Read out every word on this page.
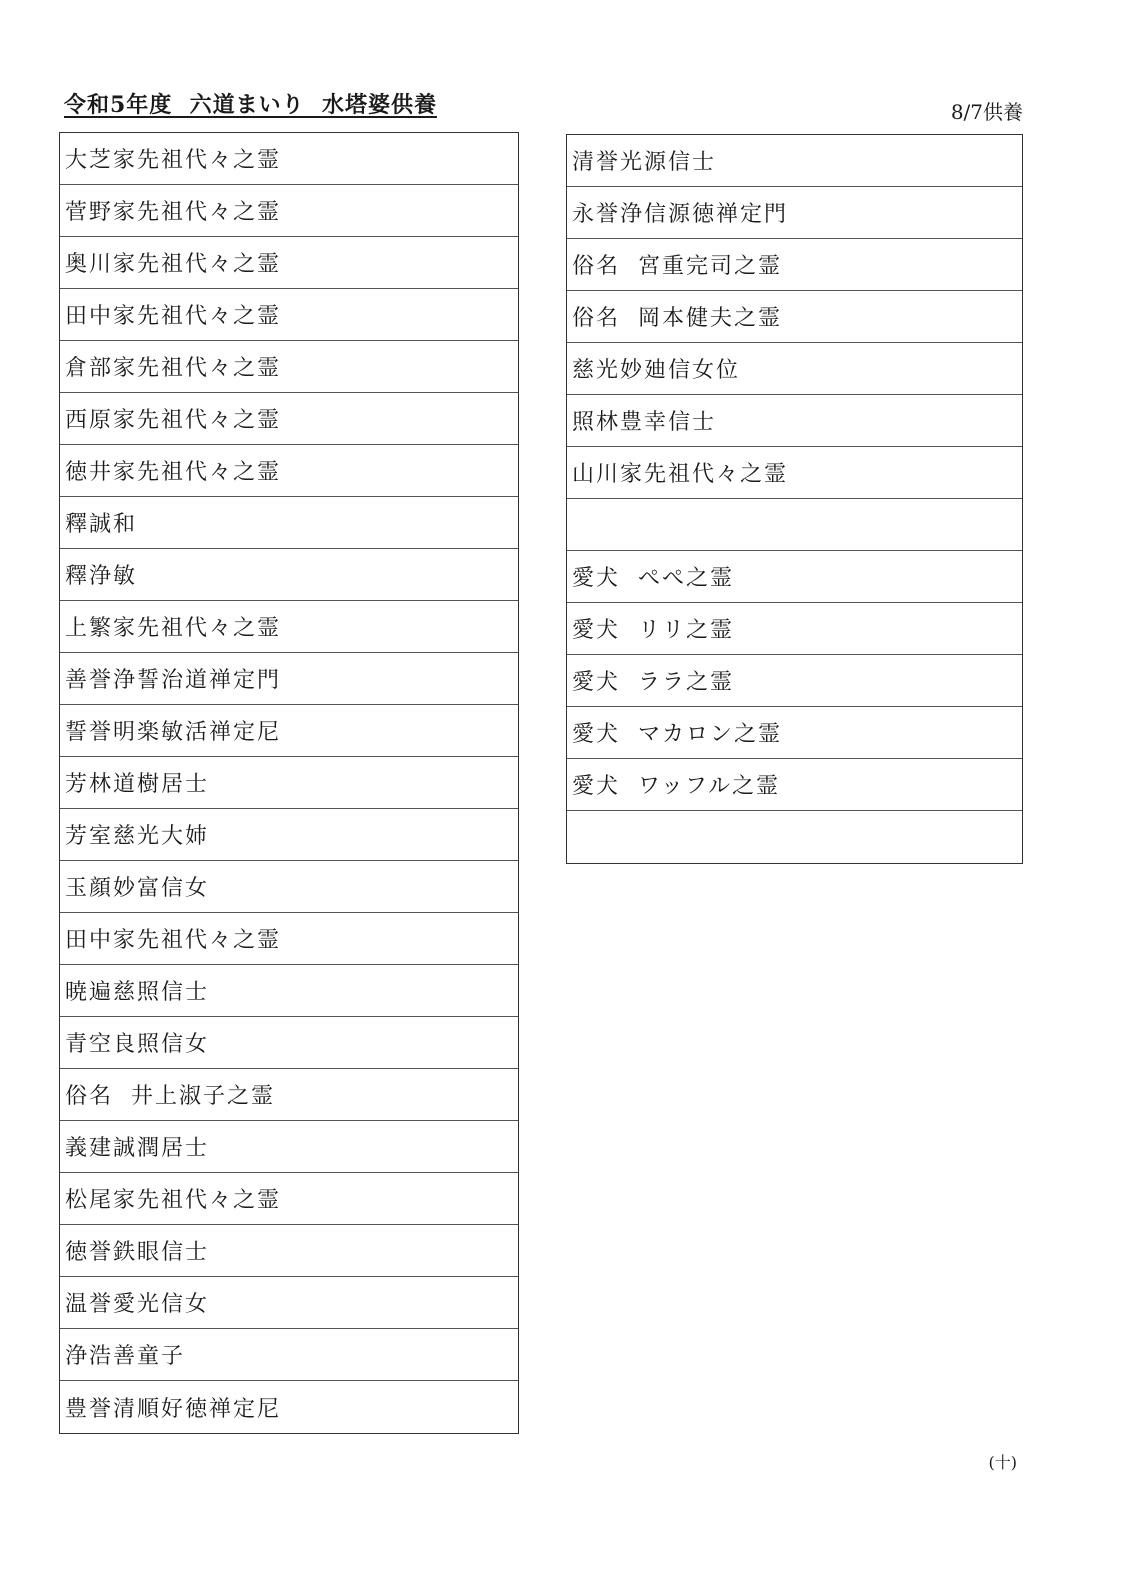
令和5年度  六道まいり  水塔婆供養	8/7供養
大芝家先祖代々之霊
菅野家先祖代々之霊
奥川家先祖代々之霊
田中家先祖代々之霊
倉部家先祖代々之霊
西原家先祖代々之霊
徳井家先祖代々之霊
釋誠和
釋浄敏
上繁家先祖代々之霊
善誉浄誓治道禅定門
誓誉明楽敏活禅定尼
芳林道樹居士
芳室慈光大姉
玉顔妙富信女
田中家先祖代々之霊
暁遍慈照信士
青空良照信女
俗名  井上淑子之霊
義建誠潤居士
松尾家先祖代々之霊
徳誉鉄眼信士
温誉愛光信女
浄浩善童子
豊誉清順好徳禅定尼
清誉光源信士
永誉浄信源徳禅定門
俗名  宮重完司之霊
俗名  岡本健夫之霊
慈光妙廸信女位
照林豊幸信士
山川家先祖代々之霊
愛犬  ぺぺ之霊
愛犬  リリ之霊
愛犬  ララ之霊
愛犬  マカロン之霊
愛犬  ワッフル之霊
(十)
